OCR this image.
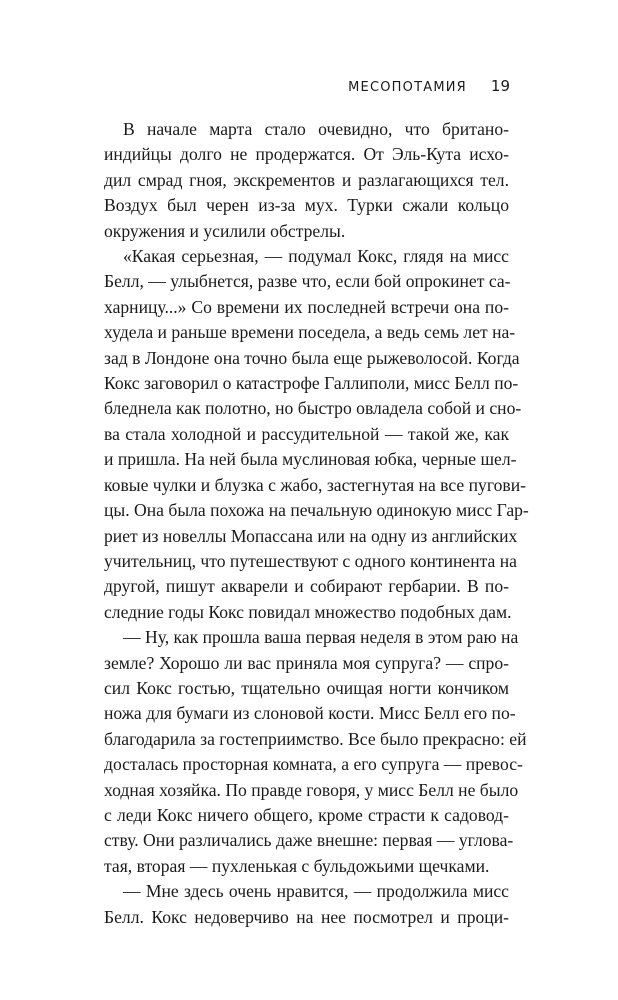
МЕСОПОТАМИЯ 19
В начале марта стало очевидно, что британо-
индийцы долго не продержатся. От Эль-Кута исхо-
дил смрад гноя, экскрементов и разлагающихся тел.
Воздух был черен из-за мух. Турки сжали кольцо
окружения и усилили обстрелы.
«Какая серьезная, — подумал Кокс, глядя на мисс
Белл, — улыбнется, разве что, если бой опрокинет са-
харницу...» Со времени их последней встречи она по-
худела и раньше времени поседела, а ведь семь лет на-
зад в Лондоне она точно была еще рыжеволосой. Когда
Кокс заговорил о катастрофе Галлиполи, мисс Белл по-
бледнела как полотно, но быстро овладела собой и сно-
ва стала холодной и рассудительной — такой же, как
и пришла. На ней была муслиновая юбка, черные шел-
ковые чулки и блузка с жабо, застегнутая на все пугови-
цы. Она была похожа на печальную одинокую мисс Гар-
риет из новеллы Мопассана или на одну из английских
учительниц, что путешествуют с одного континента на
другой, пишут акварели и собирают гербарии. В по-
следние годы Кокс повидал множество подобных дам.
— Ну, как прошла ваша первая неделя в этом раю на
земле? Хорошо ли вас приняла моя супруга? — спро-
сил Кокс гостью, тщательно очищая ногти кончиком
ножа для бумаги из слоновой кости. Мисс Белл его по-
благодарила за гостеприимство. Все было прекрасно: ей
досталась просторная комната, а его супруга — превос-
ходная хозяйка. По правде говоря, у мисс Белл не было
с леди Кокс ничего общего, кроме страсти к садовод-
ству. Они различались даже внешне: первая — углова-
тая, вторая — пухленькая с бульдожьими щечками.
— Мне здесь очень нравится, — продолжила мисс
Белл. Кокс недоверчиво на нее посмотрел и проци-
